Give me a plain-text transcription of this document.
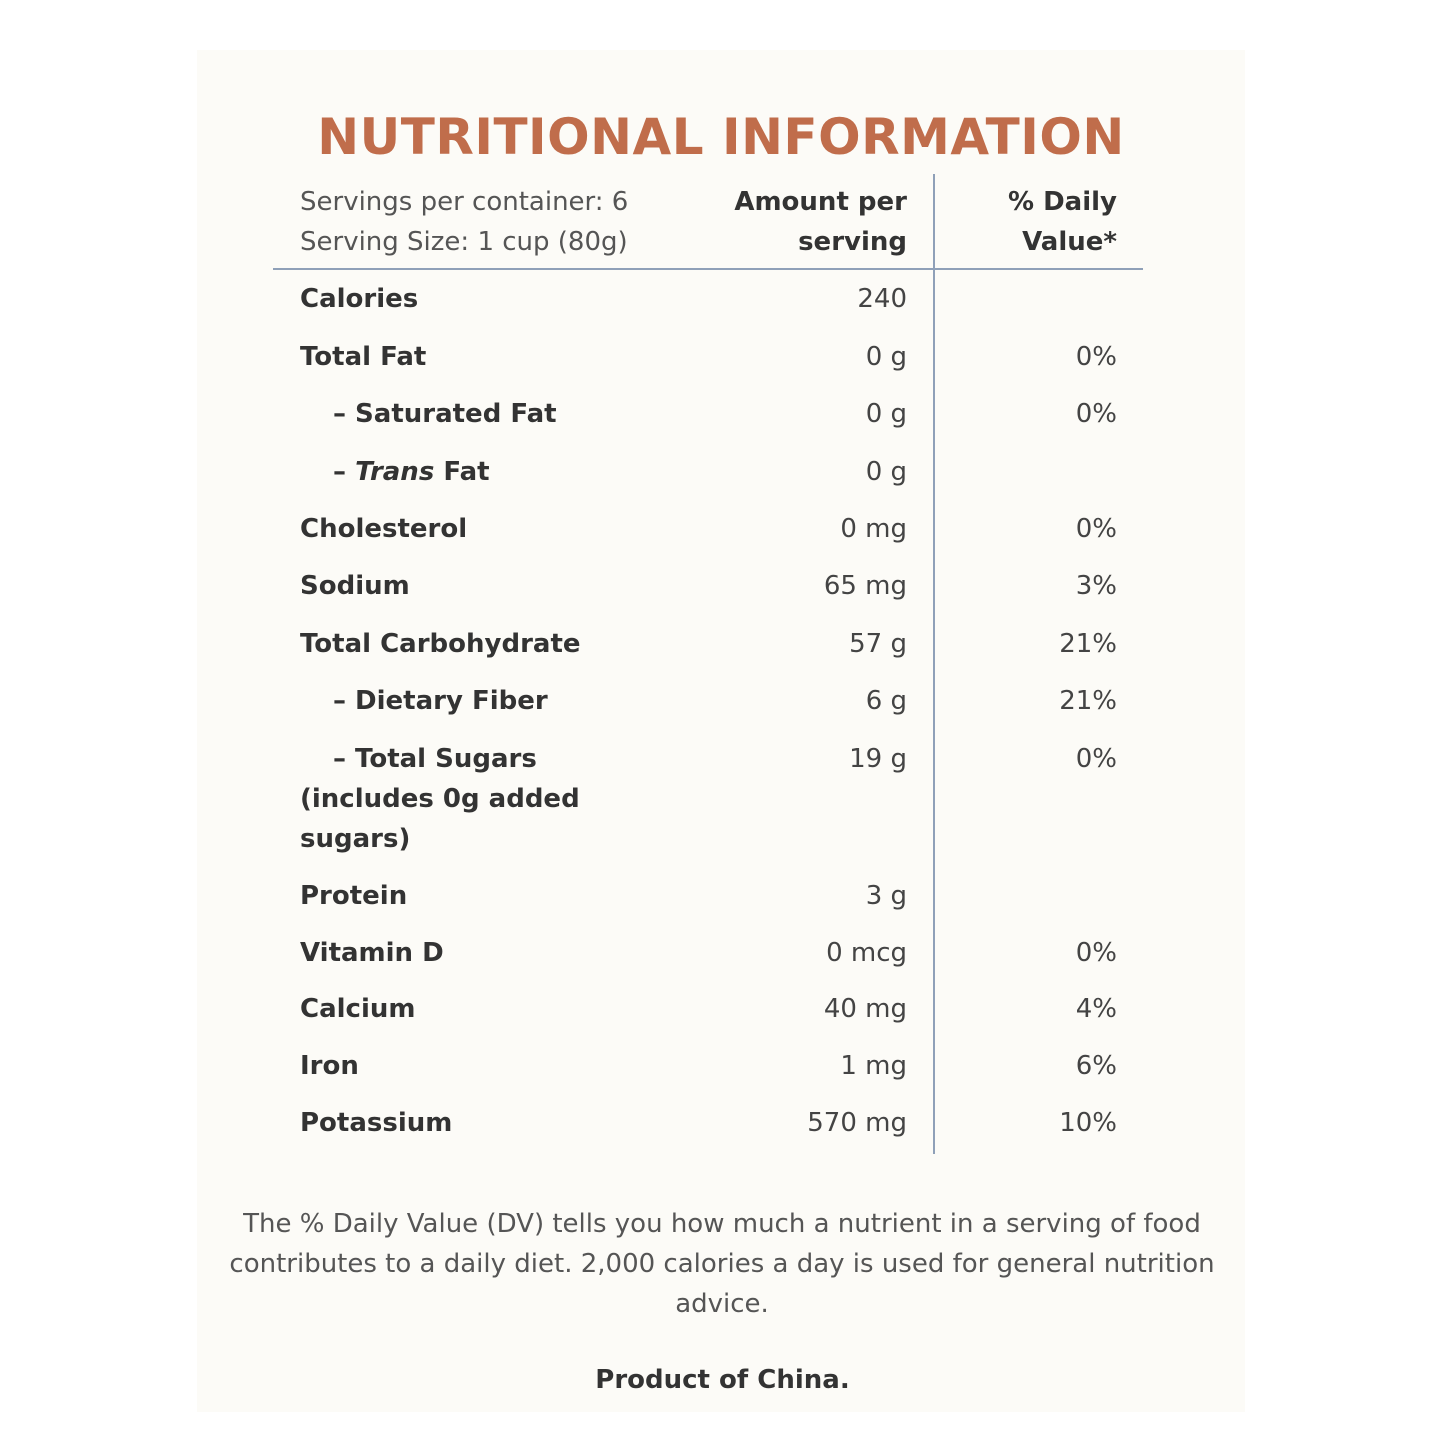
NUTRITIONAL INFORMATION
Servings per container: 6
Serving Size: 1 cup (80g)
Amount per
serving
% Daily
Value*
Calories	240
Total Fat	0 g	0%
– Saturated Fat	0 g	0%
– Trans Fat	0 g
Cholesterol	0 mg	0%
Sodium	65 mg	3%
Total Carbohydrate	57 g	21%
– Dietary Fiber	6 g	21%
– Total Sugars
(includes 0g added
sugars)
19 g	0%
Protein	3 g
Vitamin D	0 mcg	0%
Calcium	40 mg	4%
Iron	1 mg	6%
Potassium	570 mg	10%
The % Daily Value (DV) tells you how much a nutrient in a serving of food contributes to a daily diet. 2,000 calories a day is used for general nutrition advice.
Product of China.
